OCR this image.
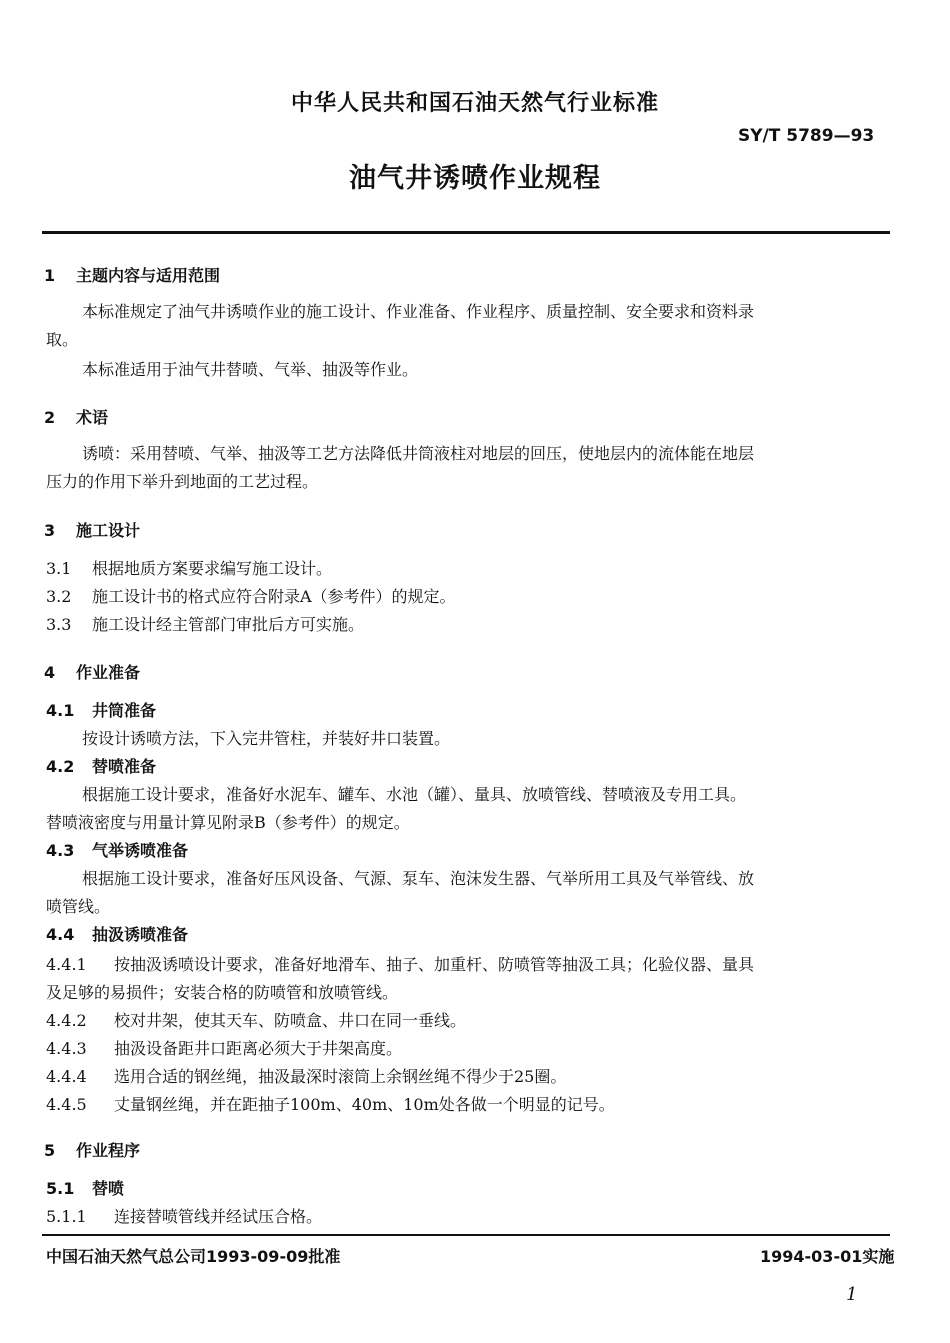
中华人民共和国石油天然气行业标准
SY/T 5789—93
油气井诱喷作业规程
1 主题内容与适用范围
本标准规定了油气井诱喷作业的施工设计、作业准备、作业程序、质量控制、安全要求和资料录
取。
本标准适用于油气井替喷、气举、抽汲等作业。
2 术语
诱喷：采用替喷、气举、抽汲等工艺方法降低井筒液柱对地层的回压，使地层内的流体能在地层
压力的作用下举升到地面的工艺过程。
3 施工设计
3.1 根据地质方案要求编写施工设计。
3.2 施工设计书的格式应符合附录A（参考件）的规定。
3.3 施工设计经主管部门审批后方可实施。
4 作业准备
4.1 井筒准备
按设计诱喷方法，下入完井管柱，并装好井口装置。
4.2 替喷准备
根据施工设计要求，准备好水泥车、罐车、水池（罐）、量具、放喷管线、替喷液及专用工具。
替喷液密度与用量计算见附录B（参考件）的规定。
4.3 气举诱喷准备
根据施工设计要求，准备好压风设备、气源、泵车、泡沫发生器、气举所用工具及气举管线、放
喷管线。
4.4 抽汲诱喷准备
4.4.1 按抽汲诱喷设计要求，准备好地滑车、抽子、加重杆、防喷管等抽汲工具；化验仪器、量具
及足够的易损件；安装合格的防喷管和放喷管线。
4.4.2 校对井架，使其天车、防喷盒、井口在同一垂线。
4.4.3 抽汲设备距井口距离必须大于井架高度。
4.4.4 选用合适的钢丝绳，抽汲最深时滚筒上余钢丝绳不得少于25圈。
4.4.5 丈量钢丝绳，并在距抽子100m、40m、10m处各做一个明显的记号。
5 作业程序
5.1 替喷
5.1.1 连接替喷管线并经试压合格。
中国石油天然气总公司1993-09-09批准	1994-03-01实施
1
